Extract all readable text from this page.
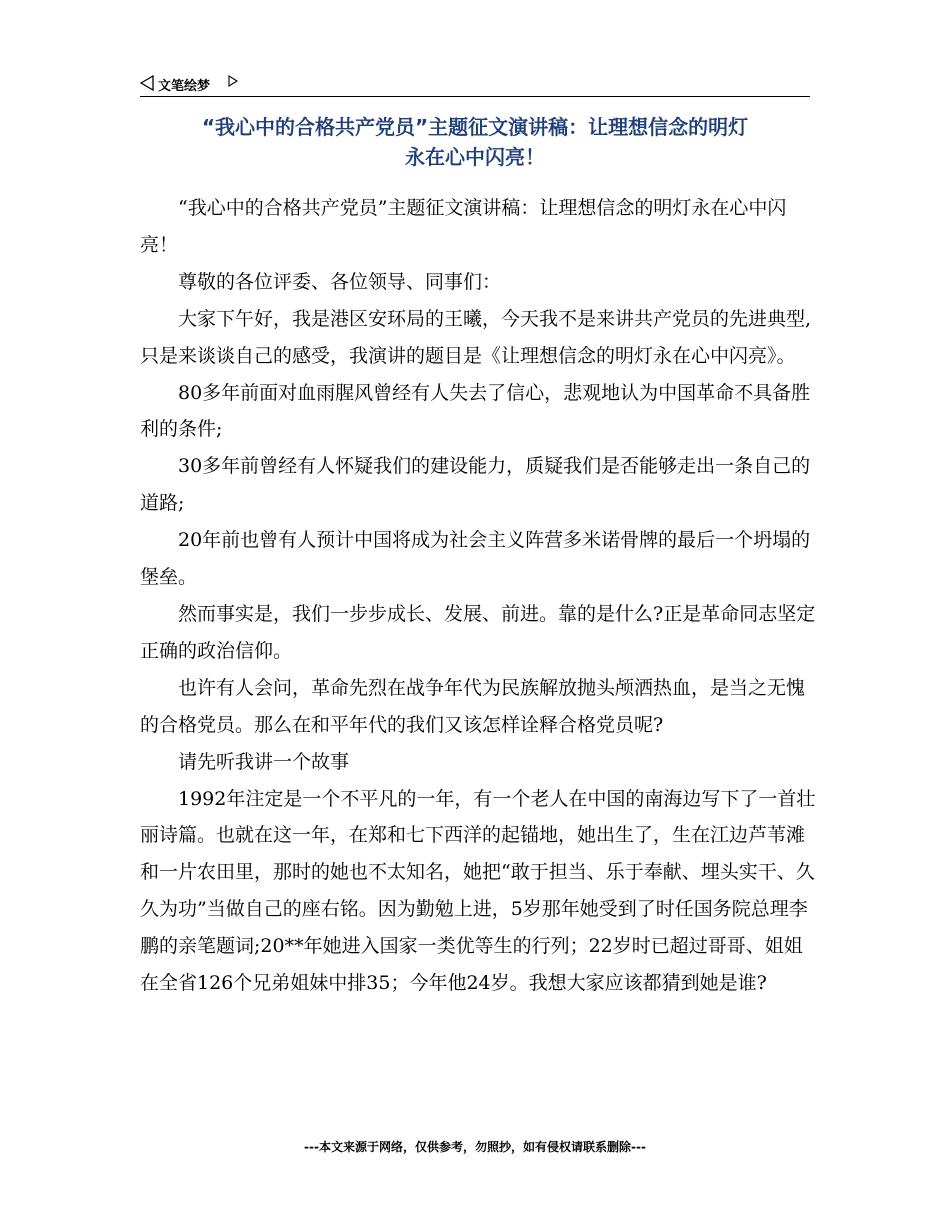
文笔绘梦
“我心中的合格共产党员”主题征文演讲稿：让理想信念的明灯
永在心中闪亮！

“我心中的合格共产党员”主题征文演讲稿：让理想信念的明灯永在心中闪亮！

尊敬的各位评委、各位领导、同事们：

大家下午好，我是港区安环局的王曦，今天我不是来讲共产党员的先进典型,只是来谈谈自己的感受，我演讲的题目是《让理想信念的明灯永在心中闪亮》。

80多年前面对血雨腥风曾经有人失去了信心，悲观地认为中国革命不具备胜利的条件;

30多年前曾经有人怀疑我们的建设能力，质疑我们是否能够走出一条自己的道路;

20年前也曾有人预计中国将成为社会主义阵营多米诺骨牌的最后一个坍塌的堡垒。

然而事实是，我们一步步成长、发展、前进。靠的是什么?正是革命同志坚定正确的政治信仰。

也许有人会问，革命先烈在战争年代为民族解放抛头颅洒热血，是当之无愧的合格党员。那么在和平年代的我们又该怎样诠释合格党员呢?

请先听我讲一个故事

1992年注定是一个不平凡的一年，有一个老人在中国的南海边写下了一首壮丽诗篇。也就在这一年，在郑和七下西洋的起锚地，她出生了，生在江边芦苇滩和一片农田里，那时的她也不太知名，她把“敢于担当、乐于奉献、埋头实干、久久为功”当做自己的座右铭。因为勤勉上进，5岁那年她受到了时任国务院总理李鹏的亲笔题词;20**年她进入国家一类优等生的行列；22岁时已超过哥哥、姐姐在全省126个兄弟姐妹中排35；今年他24岁。我想大家应该都猜到她是谁?

---本文来源于网络，仅供参考，勿照抄，如有侵权请联系删除---
